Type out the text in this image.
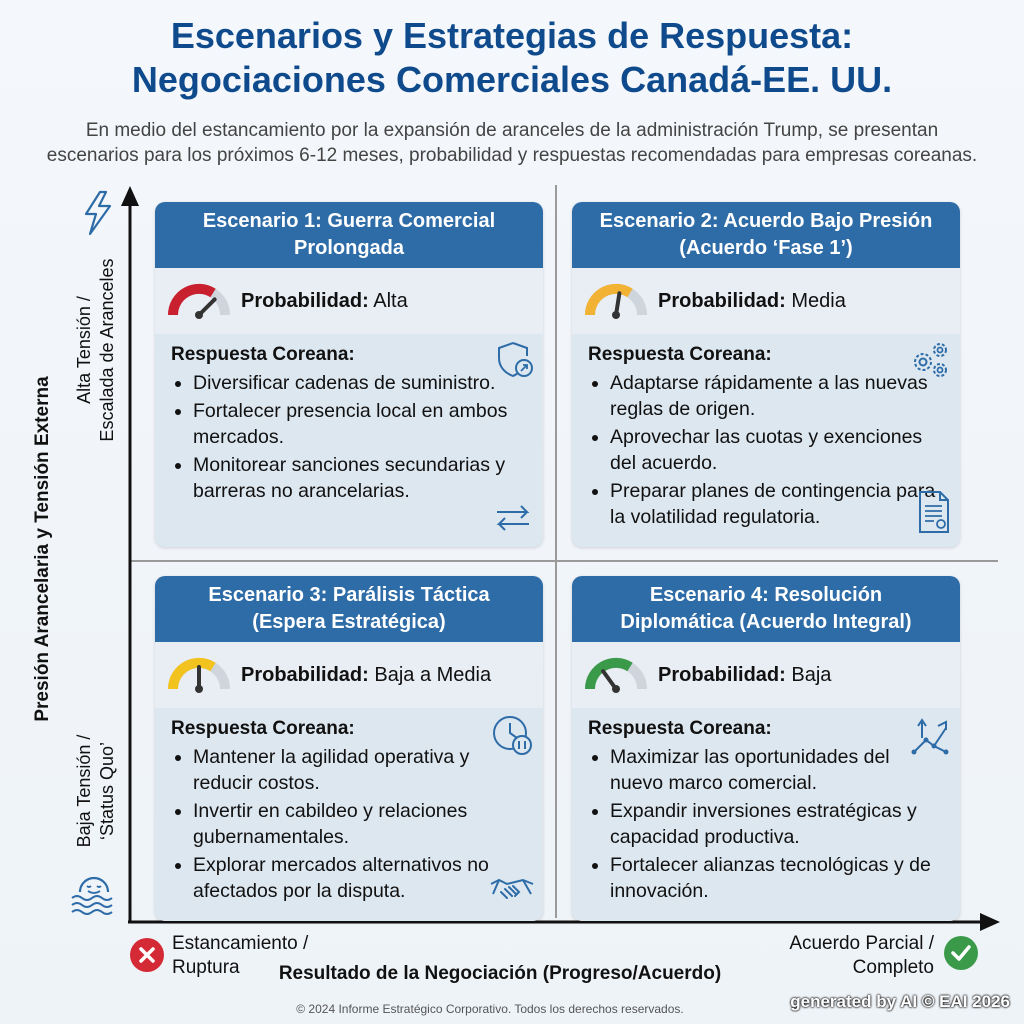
Escenarios y Estrategias de Respuesta:
Negociaciones Comerciales Canadá-EE. UU.
En medio del estancamiento por la expansión de aranceles de la administración Trump, se presentan
escenarios para los próximos 6-12 meses, probabilidad y respuestas recomendadas para empresas coreanas.
Presión Arancelaria y Tensión Externa
Alta Tensión / Escalada de Aranceles
Baja Tensión / ‘Status Quo’
Escenario 1: Guerra Comercial
Prolongada
Probabilidad: Alta
Respuesta Coreana:
• Diversificar cadenas de suministro.
• Fortalecer presencia local en ambos mercados.
• Monitorear sanciones secundarias y barreras no arancelarias.
Escenario 2: Acuerdo Bajo Presión
(Acuerdo ‘Fase 1’)
Probabilidad: Media
Respuesta Coreana:
• Adaptarse rápidamente a las nuevas reglas de origen.
• Aprovechar las cuotas y exenciones del acuerdo.
• Preparar planes de contingencia para la volatilidad regulatoria.
Escenario 3: Parálisis Táctica
(Espera Estratégica)
Probabilidad: Baja a Media
Respuesta Coreana:
• Mantener la agilidad operativa y reducir costos.
• Invertir en cabildeo y relaciones gubernamentales.
• Explorar mercados alternativos no afectados por la disputa.
Escenario 4: Resolución
Diplomática (Acuerdo Integral)
Probabilidad: Baja
Respuesta Coreana:
• Maximizar las oportunidades del nuevo marco comercial.
• Expandir inversiones estratégicas y capacidad productiva.
• Fortalecer alianzas tecnológicas y de innovación.
Estancamiento /
Ruptura
Acuerdo Parcial /
Completo
Resultado de la Negociación (Progreso/Acuerdo)
© 2024 Informe Estratégico Corporativo. Todos los derechos reservados.	generated by AI © EAI 2026
